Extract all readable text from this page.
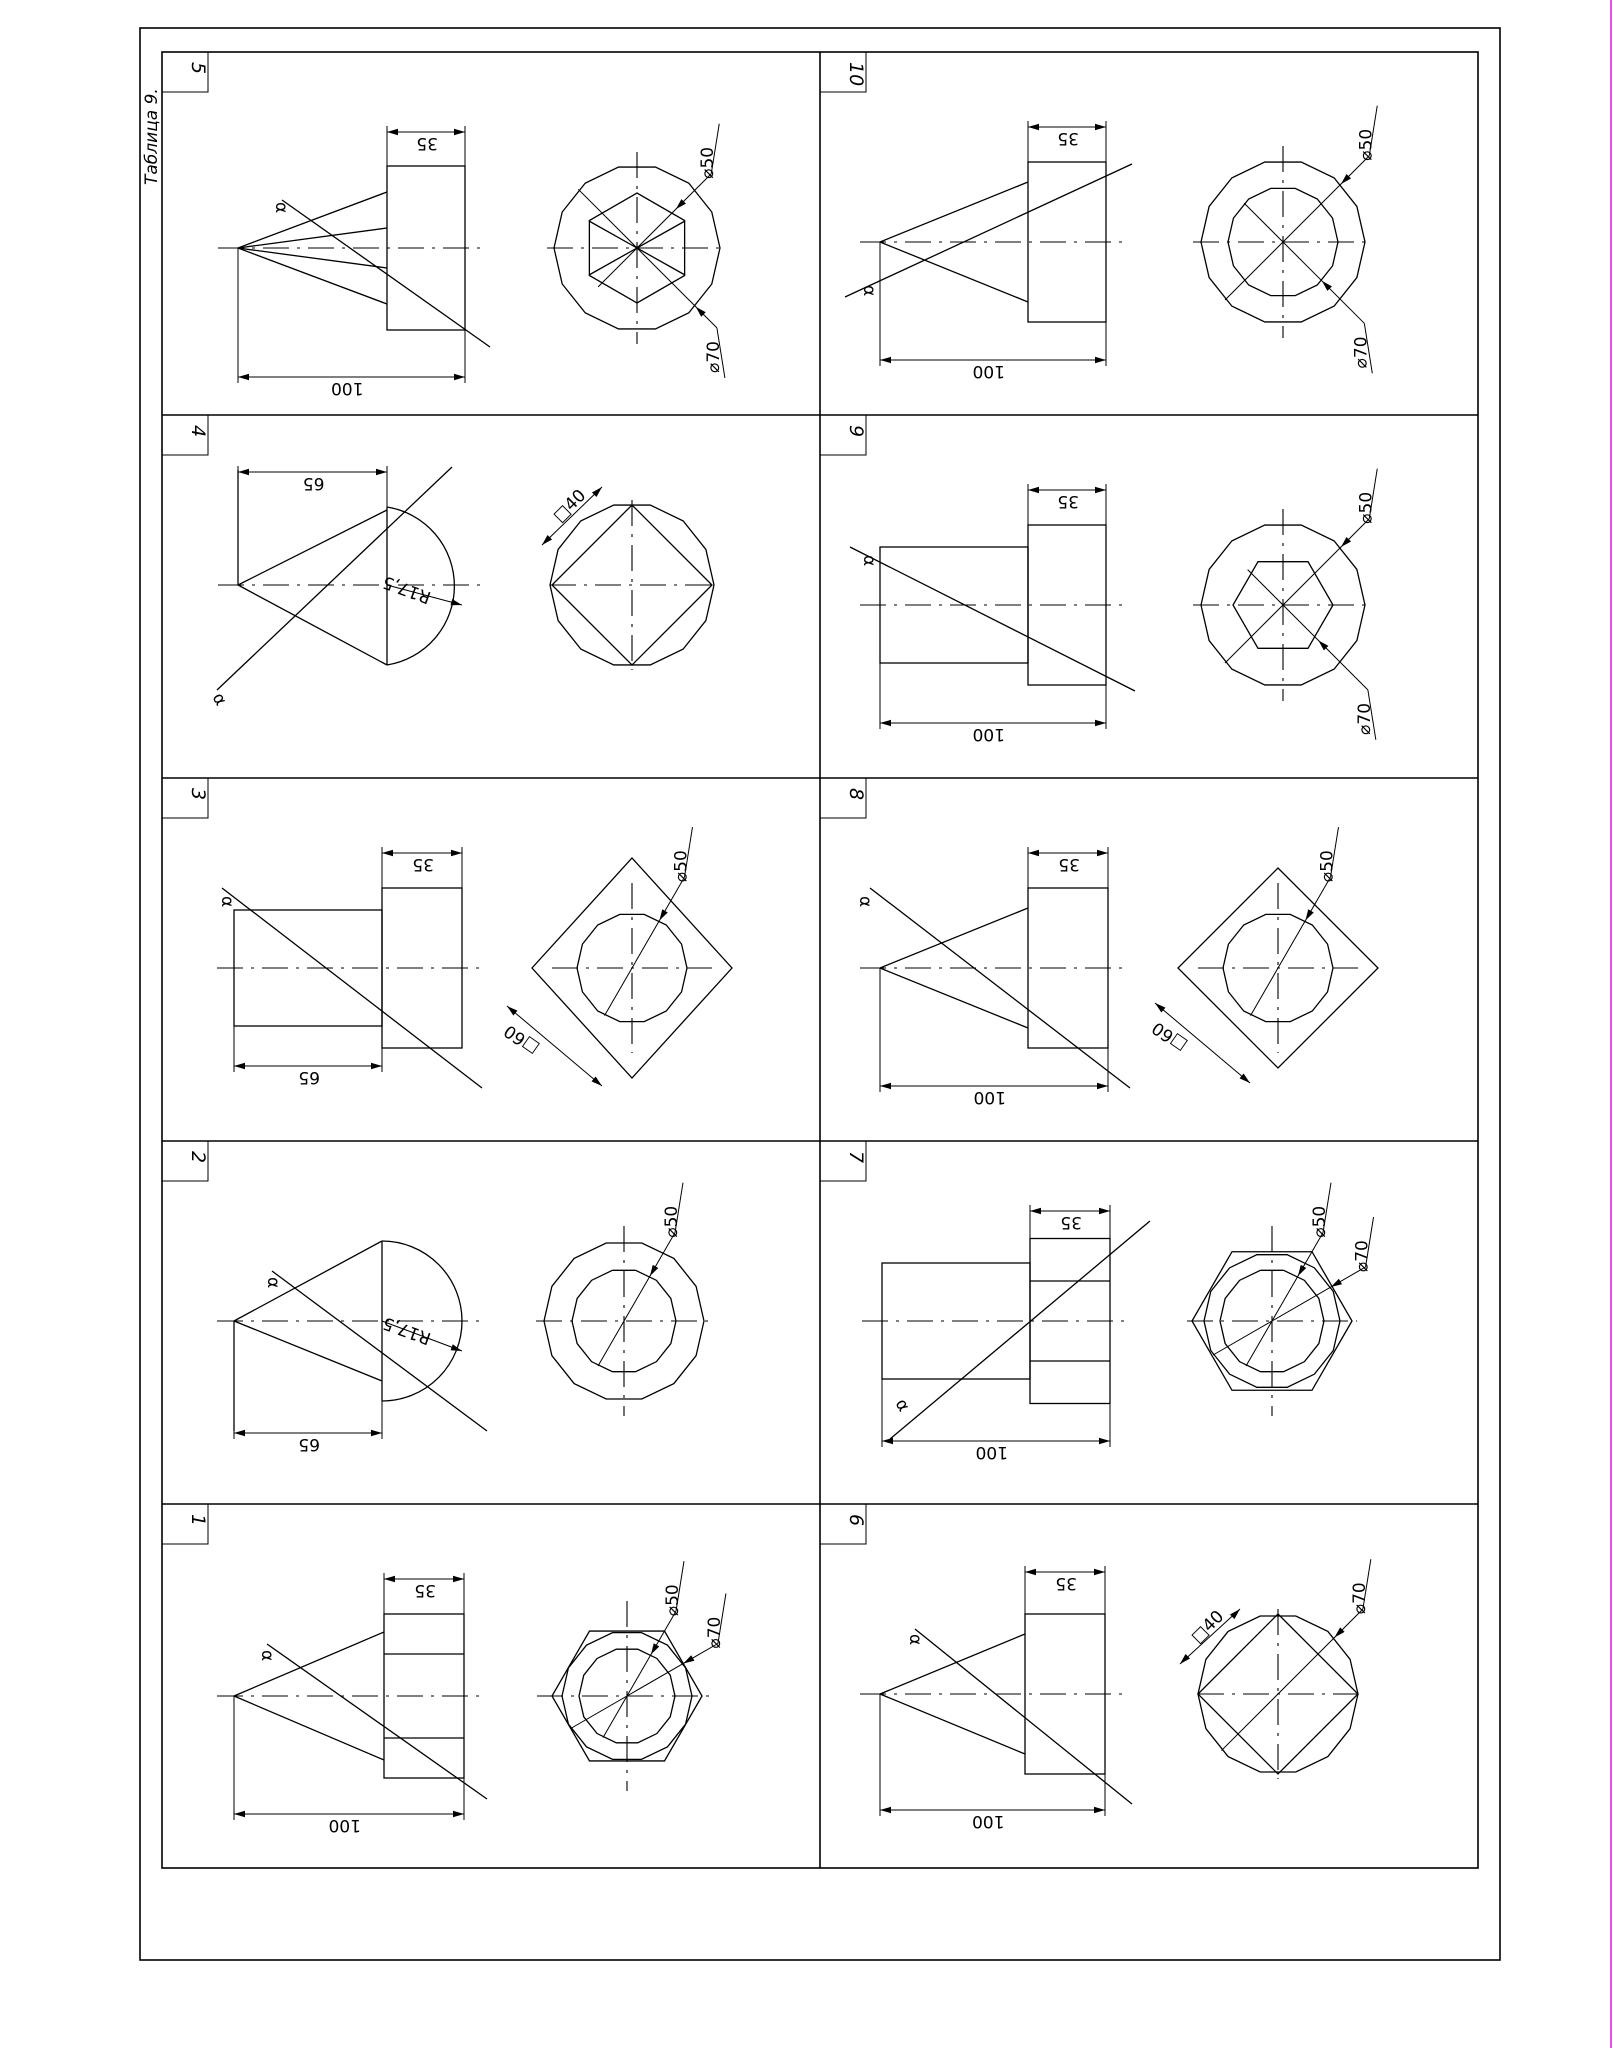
Таблица 9.
5
α
35
100
⌀50
⌀70
10
α
35
100
⌀50
⌀70
4
α
65
R17,5
□40
9
α
35
100
⌀50
⌀70
3
α
35
65
⌀50
□60
8
α
35
100
⌀50
□60
2
α
65
R17,5
⌀50
7
α
35
100
⌀50
⌀70
1
α
35
100
⌀50
⌀70
6
α
35
100
□40
⌀70
